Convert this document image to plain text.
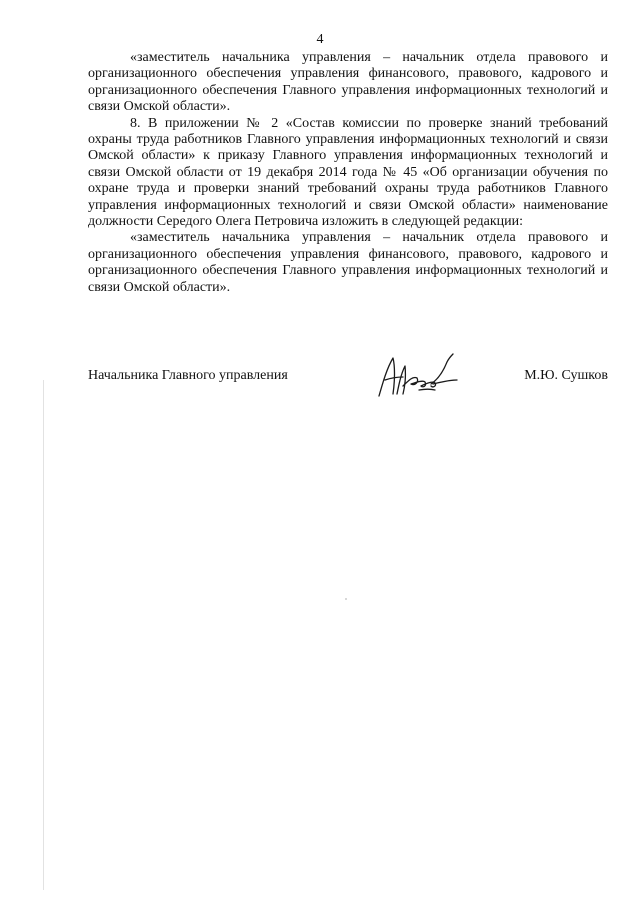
4

«заместитель начальника управления – начальник отдела правового и организационного обеспечения управления финансового, правового, кадрового и организационного обеспечения Главного управления информационных технологий и связи Омской области».

8. В приложении № 2 «Состав комиссии по проверке знаний требований охраны труда работников Главного управления информационных технологий и связи Омской области» к приказу Главного управления информационных технологий и связи Омской области от 19 декабря 2014 года № 45 «Об организации обучения по охране труда и проверки знаний требований охраны труда работников Главного управления информационных технологий и связи Омской области» наименование должности Середого Олега Петровича изложить в следующей редакции:

«заместитель начальника управления – начальник отдела правового и организационного обеспечения управления финансового, правового, кадрового и организационного обеспечения Главного управления информационных технологий и связи Омской области».

Начальника Главного управления	М.Ю. Сушков
